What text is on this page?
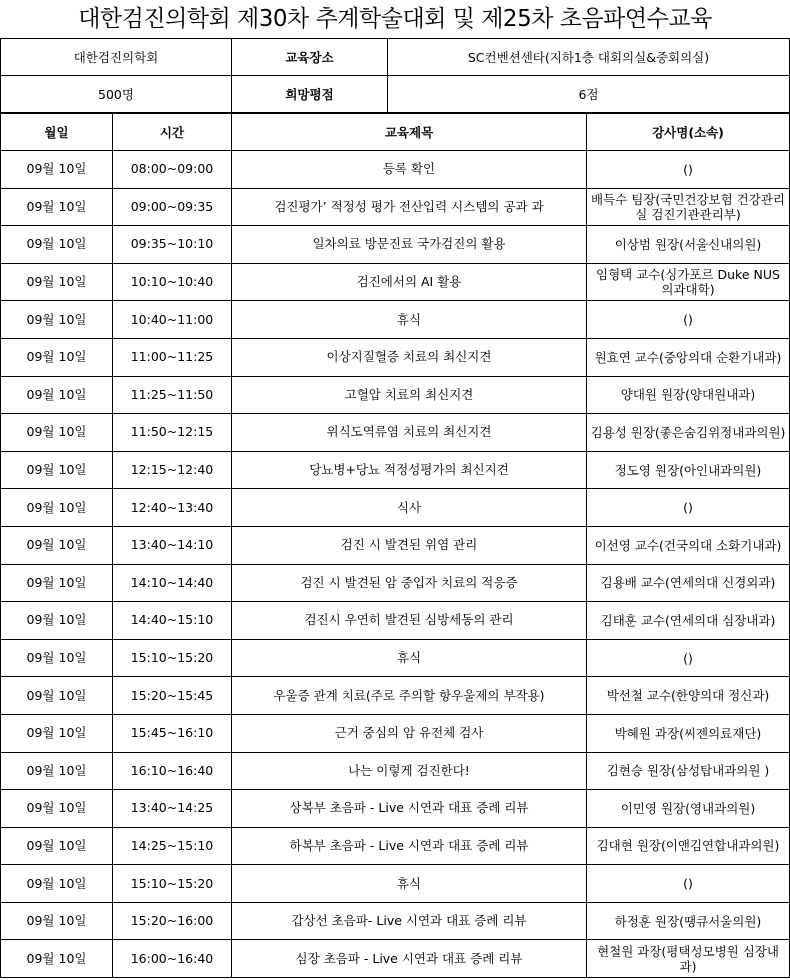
대한검진의학회 제30차 추계학술대회 및 제25차 초음파연수교육
대한검진의학회	교육장소	SC컨벤션센타(지하1층 대회의실&중회의실)
500명	희망평점	6점
월일	시간	교육제목	강사명(소속)
09월 10일	08:00~09:00	등록 확인	()
09월 10일	09:00~09:35	검진평가’ 적정성 평가 전산입력 시스템의 공과 과	배득수 팀장(국민건강보험 건강관리실 검진기관관리부)
09월 10일	09:35~10:10	일차의료 방문진료 국가검진의 활용	이상범 원장(서울신내의원)
09월 10일	10:10~10:40	검진에서의 AI 활용	임형택 교수(싱가포르 Duke NUS 의과대학)
09월 10일	10:40~11:00	휴식	()
09월 10일	11:00~11:25	이상지질혈증 치료의 최신지견	원효연 교수(중앙의대 순환기내과)
09월 10일	11:25~11:50	고혈압 치료의 최신지견	양대원 원장(양대원내과)
09월 10일	11:50~12:15	위식도역류염 치료의 최신지견	김용성 원장(좋은숨김위정내과의원)
09월 10일	12:15~12:40	당뇨병+당뇨 적정성평가의 최신지견	정도영 원장(아인내과의원)
09월 10일	12:40~13:40	식사	()
09월 10일	13:40~14:10	검진 시 발견된 위염 관리	이선영 교수(건국의대 소화기내과)
09월 10일	14:10~14:40	검진 시 발견된 암 중입자 치료의 적응증	김용배 교수(연세의대 신경외과)
09월 10일	14:40~15:10	검진시 우연히 발견된 심방세동의 관리	김태훈 교수(연세의대 심장내과)
09월 10일	15:10~15:20	휴식	()
09월 10일	15:20~15:45	우울증 관계 치료(주로 주의할 항우울제의 부작용)	박선철 교수(한양의대 정신과)
09월 10일	15:45~16:10	근거 중심의 암 유전체 검사	박혜원 과장(씨젠의료재단)
09월 10일	16:10~16:40	나는 이렇게 검진한다!	김현승 원장(삼성탑내과의원 )
09월 10일	13:40~14:25	상복부 초음파 - Live 시연과 대표 증례 리뷰	이민영 원장(영내과의원)
09월 10일	14:25~15:10	하복부 초음파 - Live 시연과 대표 증례 리뷰	김대현 원장(이앤김연합내과의원)
09월 10일	15:10~15:20	휴식	()
09월 10일	15:20~16:00	갑상선 초음파- Live 시연과 대표 증례 리뷰	하정훈 원장(땡큐서울의원)
09월 10일	16:00~16:40	심장 초음파 - Live 시연과 대표 증례 리뷰	현철원 과장(평택성모병원 심장내과)
